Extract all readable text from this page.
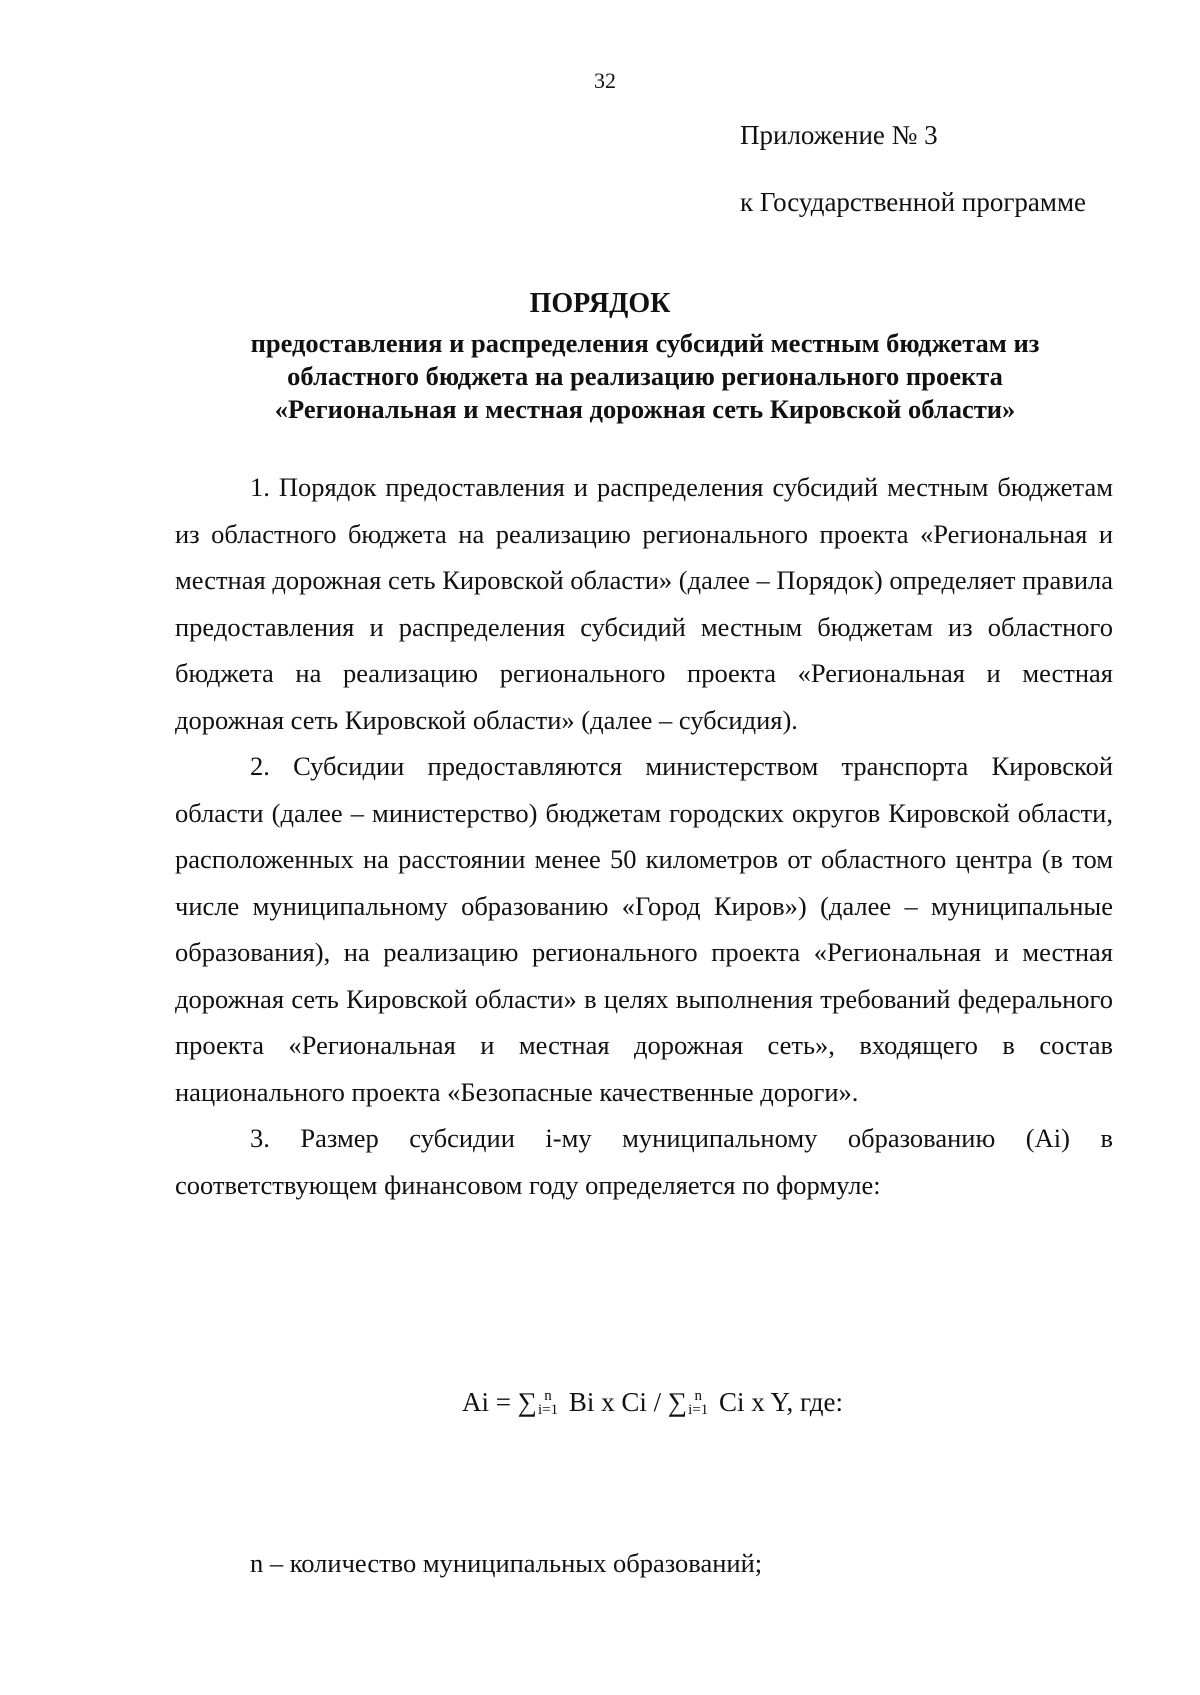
32
Приложение № 3
к Государственной программе
ПОРЯДОК
предоставления и распределения субсидий местным бюджетам из
областного бюджета на реализацию регионального проекта
«Региональная и местная дорожная сеть Кировской области»

1. Порядок предоставления и распределения субсидий местным бюджетам из областного бюджета на реализацию регионального проекта «Региональная и местная дорожная сеть Кировской области» (далее – Порядок) определяет правила предоставления и распределения субсидий местным бюджетам из областного бюджета на реализацию регионального проекта «Региональная и местная дорожная сеть Кировской области» (далее – субсидия).

2. Субсидии предоставляются министерством транспорта Кировской области (далее – министерство) бюджетам городских округов Кировской области, расположенных на расстоянии менее 50 километров от областного центра (в том числе муниципальному образованию «Город Киров») (далее – муниципальные образования), на реализацию регионального проекта «Региональная и местная дорожная сеть Кировской области» в целях выполнения требований федерального проекта «Региональная и местная дорожная сеть», входящего в состав национального проекта «Безопасные качественные дороги».

3. Размер субсидии i-му муниципальному образованию (Ai) в соответствующем финансовом году определяется по формуле:

Ai = ∑ n
i=1 Bi x Ci / ∑ n
i=1 Ci x Y, где:
n – количество муниципальных образований;
